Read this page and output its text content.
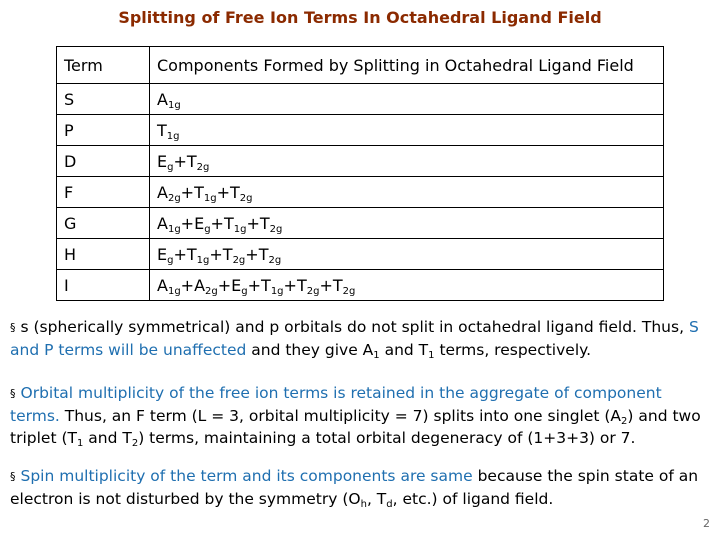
Splitting of Free Ion Terms In Octahedral Ligand Field
Term	Components Formed by Splitting in Octahedral Ligand Field
S	$A_{1g}$
P	$T_{1g}$
D	$E_g+T_{2g}$
F	$A_{2g}+T_{1g}+T_{2g}$
G	$A_{1g}+E_g+T_{1g}+T_{2g}$
H	$E_g+T_{1g}+T_{2g}+T_{2g}$
I	$A_{1g}+A_{2g}+E_g+T_{1g}+T_{2g}+T_{2g}$
§ s (spherically symmetrical) and p orbitals do not split in octahedral ligand field. Thus, S and P terms will be unaffected and they give $A_1$ and $T_1$ terms, respectively.
§ Orbital multiplicity of the free ion terms is retained in the aggregate of component terms. Thus, an F term (L = 3, orbital multiplicity = 7) splits into one singlet $(A_2)$ and two triplet ($T_1$ and $T_2$) terms, maintaining a total orbital degeneracy of (1+3+3) or 7.
§ Spin multiplicity of the term and its components are same because the spin state of an electron is not disturbed by the symmetry ($O_h$, $T_d$, etc.) of ligand field.
2
